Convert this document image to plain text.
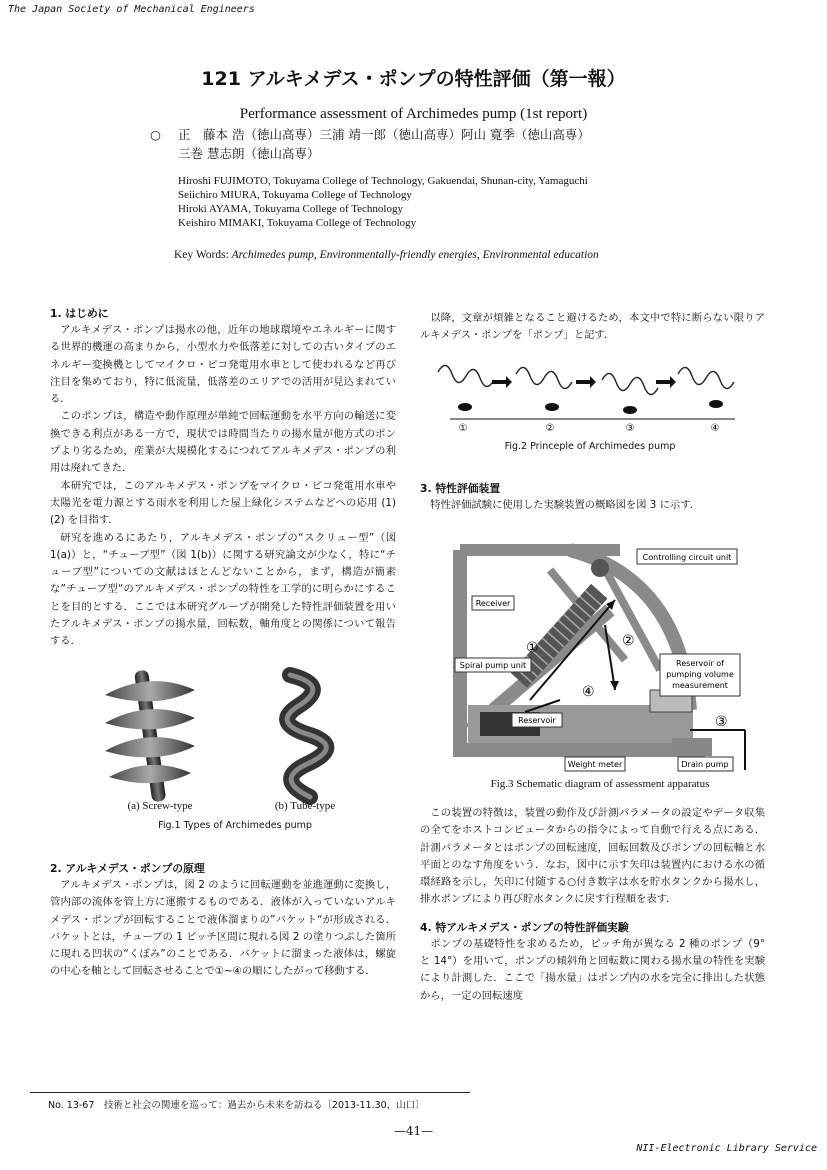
The Japan Society of Mechanical Engineers
121 アルキメデス・ポンプの特性評価（第一報）
Performance assessment of Archimedes pump (1st report)
○ 正　藤本 浩（徳山高専）三浦 靖一郎（徳山高専）阿山 寛季（徳山高専）
三巻 慧志朗（徳山高専）
Hiroshi FUJIMOTO, Tokuyama College of Technology, Gakuendai, Shunan-city, Yamaguchi
Seiichiro MIURA, Tokuyama College of Technology
Hiroki AYAMA, Tokuyama College of Technology
Keishiro MIMAKI, Tokuyama College of Technology
Key Words: Archimedes pump, Environmentally-friendly energies, Environmental education
1. はじめに

アルキメデス・ポンプは揚水の他，近年の地球環境やエネルギーに関する世界的機運の高まりから，小型水力や低落差に対しての古いタイプのエネルギー変換機としてマイクロ・ピコ発電用水車として使われるなど再び注目を集めており，特に低流量，低落差のエリアでの活用が見込まれている．

このポンプは，構造や動作原理が単純で回転運動を水平方向の輸送に変換できる利点がある一方で，現状では時間当たりの揚水量が他方式のポンプより劣るため，産業が大規模化するにつれてアルキメデス・ポンプの利用は廃れてきた．

本研究では，このアルキメデス・ポンプをマイクロ・ピコ発電用水車や太陽光を電力源とする雨水を利用した屋上緑化システムなどへの応用 (1)(2) を目指す．

研究を進めるにあたり，アルキメデス・ポンプの“スクリュー型”（図 1(a)）と，“チューブ型”（図 1(b)）に関する研究論文が少なく，特に“チューブ型”についての文献はほとんどないことから，まず，構造が簡素な”チューブ型“のアルキメデス・ポンプの特性を工学的に明らかにすることを目的とする．ここでは本研究グループが開発した特性評価装置を用いたアルキメデス・ポンプの揚水量，回転数，軸角度との関係について報告する．

(a) Screw-type	(b) Tube-type
Fig.1 Types of Archimedes pump
2. アルキメデス・ポンプの原理

アルキメデス・ポンプは，図 2 のように回転運動を並進運動に変換し，管内部の流体を管上方に運搬するものである．液体が入っていないアルキメデス・ポンプが回転することで液体溜まりの”バケット“が形成される．バケットとは，チューブの 1 ピッチ区間に現れる図 2 の塗りつぶした箇所に現れる凹状の“くぼみ”のことである．バケットに溜まった液体は，螺旋の中心を軸として回転させることで①~④の順にしたがって移動する．

以降，文章が煩雑となること避けるため，本文中で特に断らない限りアルキメデス・ポンプを「ポンプ」と記す．

①	②	③	④
Fig.2 Princeple of Archimedes pump
3. 特性評価装置

特性評価試験に使用した実験装置の概略図を図 3 に示す．

Controlling circuit unit
Receiver
Spiral pump unit	Reservoir of
pumping volume
measurement
Reservoir
Weight meter	Drain pump
①	②
③
④
Fig.3 Schematic diagram of assessment apparatus

この装置の特徴は，装置の動作及び計測パラメータの設定やデータ収集の全てをホストコンピュータからの指令によって自動で行える点にある．計測パラメータとはポンプの回転速度，回転回数及びポンプの回転軸と水平面とのなす角度をいう．なお，図中に示す矢印は装置内における水の循環経路を示し，矢印に付随する○付き数字は水を貯水タンクから揚水し，排水ポンプにより再び貯水タンクに戻す行程順を表す．

4. 特アルキメデス・ポンプの特性評価実験

ポンプの基礎特性を求めるため，ピッチ角が異なる 2 種のポンプ（9° と 14°）を用いて，ポンプの傾斜角と回転数に関わる揚水量の特性を実験により計測した．ここで「揚水量」はポンプ内の水を完全に排出した状態から，一定の回転速度

No. 13-67　技術と社会の関連を巡って：過去から未来を訪ねる〔2013-11.30，山口〕
—41—
NII-Electronic Library Service
